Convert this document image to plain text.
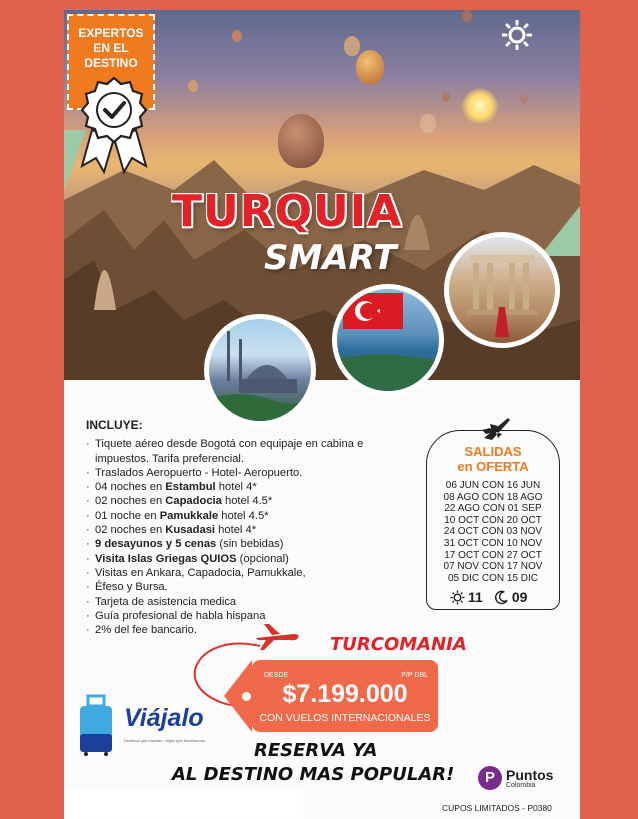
EXPERTOS
EN EL
DESTINO
TURQUIA
SMART
INCLUYE:
· Tiquete aéreo desde Bogotá con equipaje en cabina e impuestos. Tarifa preferencial.
· Traslados Aeropuerto - Hotel- Aeropuerto.
· 04 noches en Estambul hotel 4*
· 02 noches en Capadocia hotel 4.5*
· 01 noche en Pamukkale hotel 4.5*
· 02 noches en Kusadasi hotel 4*
· 9 desayunos y 5 cenas (sin bebidas)
· Visita Islas Griegas QUIOS (opcional)
· Visitas en Ankara, Capadocia, Pamukkale,
· Éfeso y Bursa.
· Tarjeta de asistencia medica
· Guía profesional de habla hispana
· 2% del fee bancario.
SALIDAS
en OFERTA
06 JUN CON 16 JUN
08 AGO CON 18 AGO
22 AGO CON 01 SEP
10 OCT CON 20 OCT
24 OCT CON 03 NOV
31 OCT CON 10 NOV
17 OCT CON 27 OCT
07 NOV CON 17 NOV
05 DIC CON 15 DIC
11 09
TURCOMANIA
DESDE	P/P DBL
$7.199.000
CON VUELOS INTERNACIONALES
Viájalo
Destinos que inspiran, viajes que transforman	RESERVA YA
AL DESTINO MAS POPULAR!	P Puntos
Colombia
CUPOS LIMITADOS - P0380
